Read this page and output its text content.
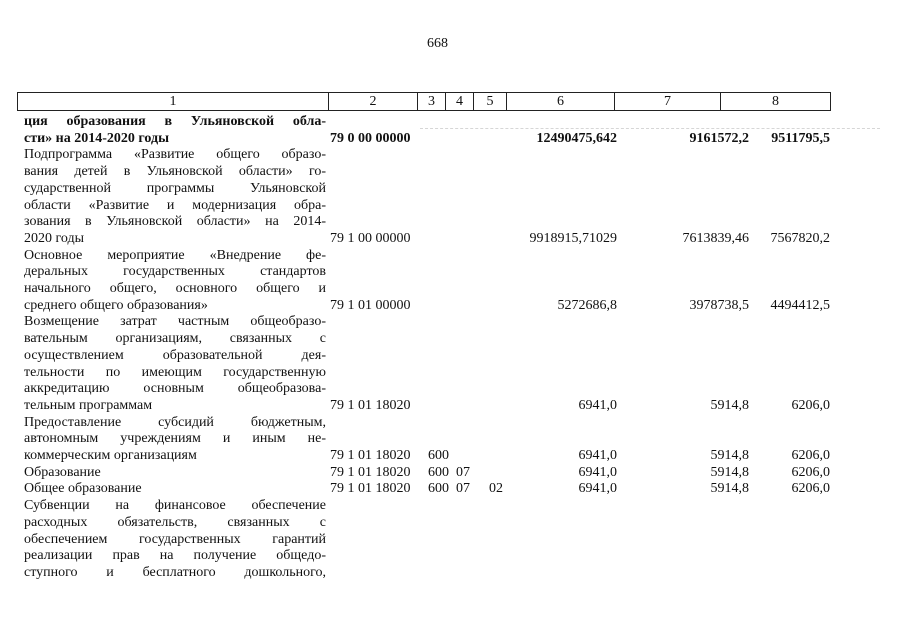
668
1	2	3	4	5	6	7	8
ция образования в Ульяновской обла-
сти» на 2014-2020 годы	79 0 00 00000	12490475,642	9161572,2 9511795,5
Подпрограмма «Развитие общего образо-
вания детей в Ульяновской области» го-
сударственной программы Ульяновской
области «Развитие и модернизация обра-
зования в Ульяновской области» на 2014-
2020 годы	79 1 00 00000	9918915,71029	7613839,46 7567820,2
Основное мероприятие «Внедрение фе-
деральных государственных стандартов
начального общего, основного общего и
среднего общего образования»	79 1 01 00000	5272686,8	3978738,5 4494412,5
Возмещение затрат частным общеобразо-
вательным организациям, связанных с
осуществлением образовательной дея-
тельности по имеющим государственную
аккредитацию основным общеобразова-
тельным программам	79 1 01 18020	6941,0	5914,8	6206,0
Предоставление субсидий бюджетным,
автономным учреждениям и иным не-
коммерческим организациям	79 1 01 18020 600	6941,0	5914,8	6206,0
Образование	79 1 01 18020 600 07	6941,0	5914,8	6206,0
Общее образование	79 1 01 18020 600 07 02	6941,0	5914,8	6206,0
Субвенции на финансовое обеспечение
расходных обязательств, связанных с
обеспечением государственных гарантий
реализации прав на получение общедо-
ступного и бесплатного дошкольного,
